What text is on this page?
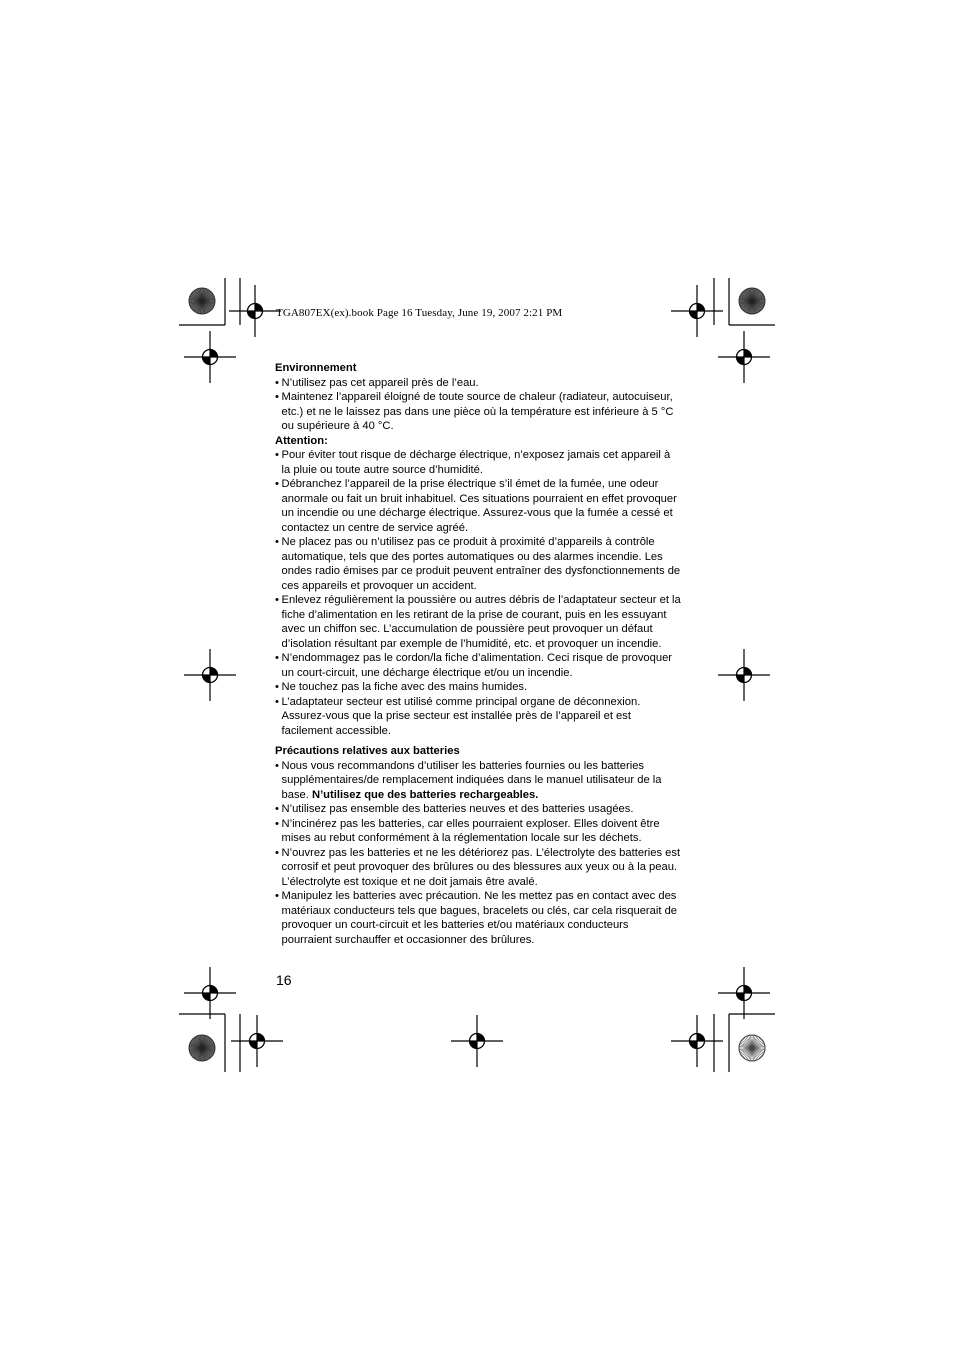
TGA807EX(ex).book Page 16 Tuesday, June 19, 2007 2:21 PM

Environnement

• N’utilisez pas cet appareil près de l’eau.
• Maintenez l’appareil éloigné de toute source de chaleur (radiateur, autocuiseur, etc.) et ne le laissez pas dans une pièce où la température est inférieure à 5 °C ou supérieure à 40 °C.

Attention:

• Pour éviter tout risque de décharge électrique, n’exposez jamais cet appareil à la pluie ou toute autre source d’humidité.
• Débranchez l’appareil de la prise électrique s’il émet de la fumée, une odeur anormale ou fait un bruit inhabituel. Ces situations pourraient en effet provoquer un incendie ou une décharge électrique. Assurez-vous que la fumée a cessé et contactez un centre de service agréé.
• Ne placez pas ou n’utilisez pas ce produit à proximité d’appareils à contrôle automatique, tels que des portes automatiques ou des alarmes incendie. Les ondes radio émises par ce produit peuvent entraîner des dysfonctionnements de ces appareils et provoquer un accident.
• Enlevez régulièrement la poussière ou autres débris de l’adaptateur secteur et la fiche d’alimentation en les retirant de la prise de courant, puis en les essuyant avec un chiffon sec. L’accumulation de poussière peut provoquer un défaut d’isolation résultant par exemple de l’humidité, etc. et provoquer un incendie.
• N’endommagez pas le cordon/la fiche d’alimentation. Ceci risque de provoquer un court-circuit, une décharge électrique et/ou un incendie.
• Ne touchez pas la fiche avec des mains humides.
• L’adaptateur secteur est utilisé comme principal organe de déconnexion. Assurez-vous que la prise secteur est installée près de l’appareil et est facilement accessible.

Précautions relatives aux batteries

• Nous vous recommandons d’utiliser les batteries fournies ou les batteries supplémentaires/de remplacement indiquées dans le manuel utilisateur de la base. N’utilisez que des batteries rechargeables.
• N’utilisez pas ensemble des batteries neuves et des batteries usagées.
• N’incinérez pas les batteries, car elles pourraient exploser. Elles doivent être mises au rebut conformément à la réglementation locale sur les déchets.
• N’ouvrez pas les batteries et ne les détériorez pas. L’électrolyte des batteries est corrosif et peut provoquer des brûlures ou des blessures aux yeux ou à la peau. L’électrolyte est toxique et ne doit jamais être avalé.
• Manipulez les batteries avec précaution. Ne les mettez pas en contact avec des matériaux conducteurs tels que bagues, bracelets ou clés, car cela risquerait de provoquer un court-circuit et les batteries et/ou matériaux conducteurs pourraient surchauffer et occasionner des brûlures.
16
